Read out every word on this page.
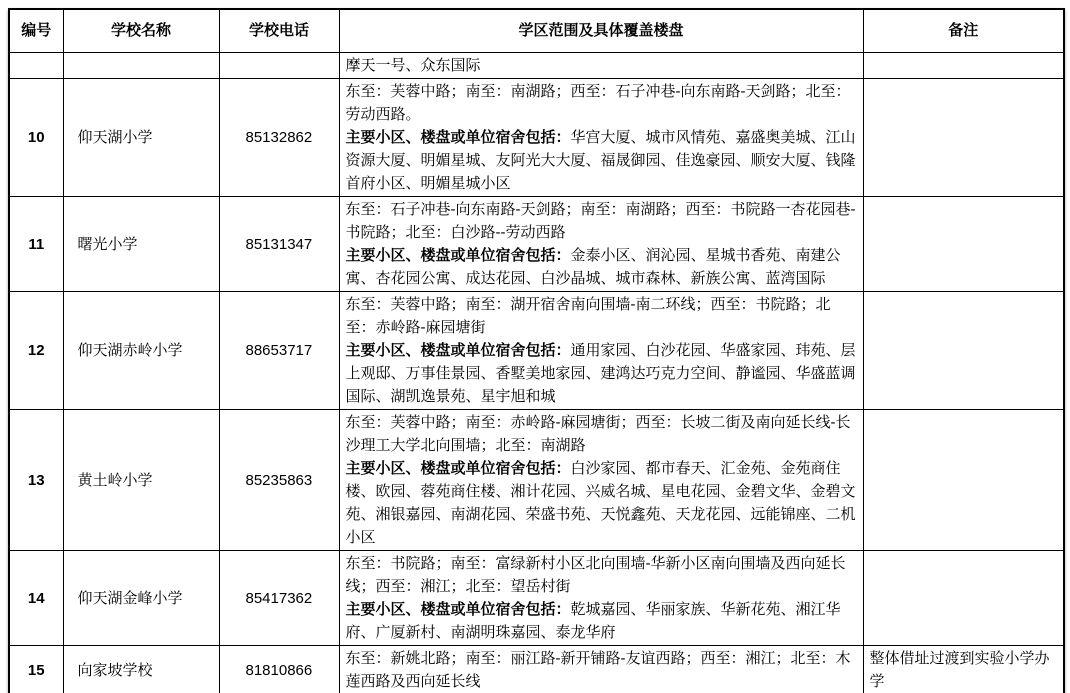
编号	学校名称	学校电话	学区范围及具体覆盖楼盘	备注

			摩天一号、众东国际	

10	仰天湖小学	85132862	东至：芙蓉中路；南至：南湖路；西至：石子冲巷-向东南路-天剑路；北至：劳动西路。
主要小区、楼盘或单位宿舍包括：华宫大厦、城市风情苑、嘉盛奥美城、江山资源大厦、明媚星城、友阿光大大厦、福晟御园、佳逸豪园、顺安大厦、钱隆首府小区、明媚星城小区	

11	曙光小学	85131347	东至：石子冲巷-向东南路-天剑路；南至：南湖路；西至：书院路一杏花园巷-书院路；北至：白沙路--劳动西路
主要小区、楼盘或单位宿舍包括：金泰小区、润沁园、星城书香苑、南建公寓、杏花园公寓、成达花园、白沙晶城、城市森林、新族公寓、蓝湾国际	

12	仰天湖赤岭小学	88653717	东至：芙蓉中路；南至：湖开宿舍南向围墙-南二环线；西至：书院路；北至：赤岭路-麻园塘街
主要小区、楼盘或单位宿舍包括：通用家园、白沙花园、华盛家园、玮苑、层上观邸、万事佳景园、香墅美地家园、建鸿达巧克力空间、静谧园、华盛蓝调国际、湖凯逸景苑、星宇旭和城	

13	黄土岭小学	85235863	东至：芙蓉中路；南至：赤岭路-麻园塘街；西至：长坡二街及南向延长线-长沙理工大学北向围墙；北至：南湖路
主要小区、楼盘或单位宿舍包括：白沙家园、都市春天、汇金苑、金苑商住楼、欧园、蓉苑商住楼、湘计花园、兴威名城、星电花园、金碧文华、金碧文苑、湘银嘉园、南湖花园、荣盛书苑、天悦鑫苑、天龙花园、远能锦座、二机小区	

14	仰天湖金峰小学	85417362	东至：书院路；南至：富绿新村小区北向围墙-华新小区南向围墙及西向延长线；西至：湘江；北至：望岳村街
主要小区、楼盘或单位宿舍包括：乾城嘉园、华丽家族、华新花苑、湘江华府、广厦新村、南湖明珠嘉园、泰龙华府	

15	向家坡学校	81810866	东至：新姚北路；南至：丽江路-新开铺路-友谊西路；西至：湘江；北至：木莲西路及西向延长线	整体借址过渡到实验小学办学
